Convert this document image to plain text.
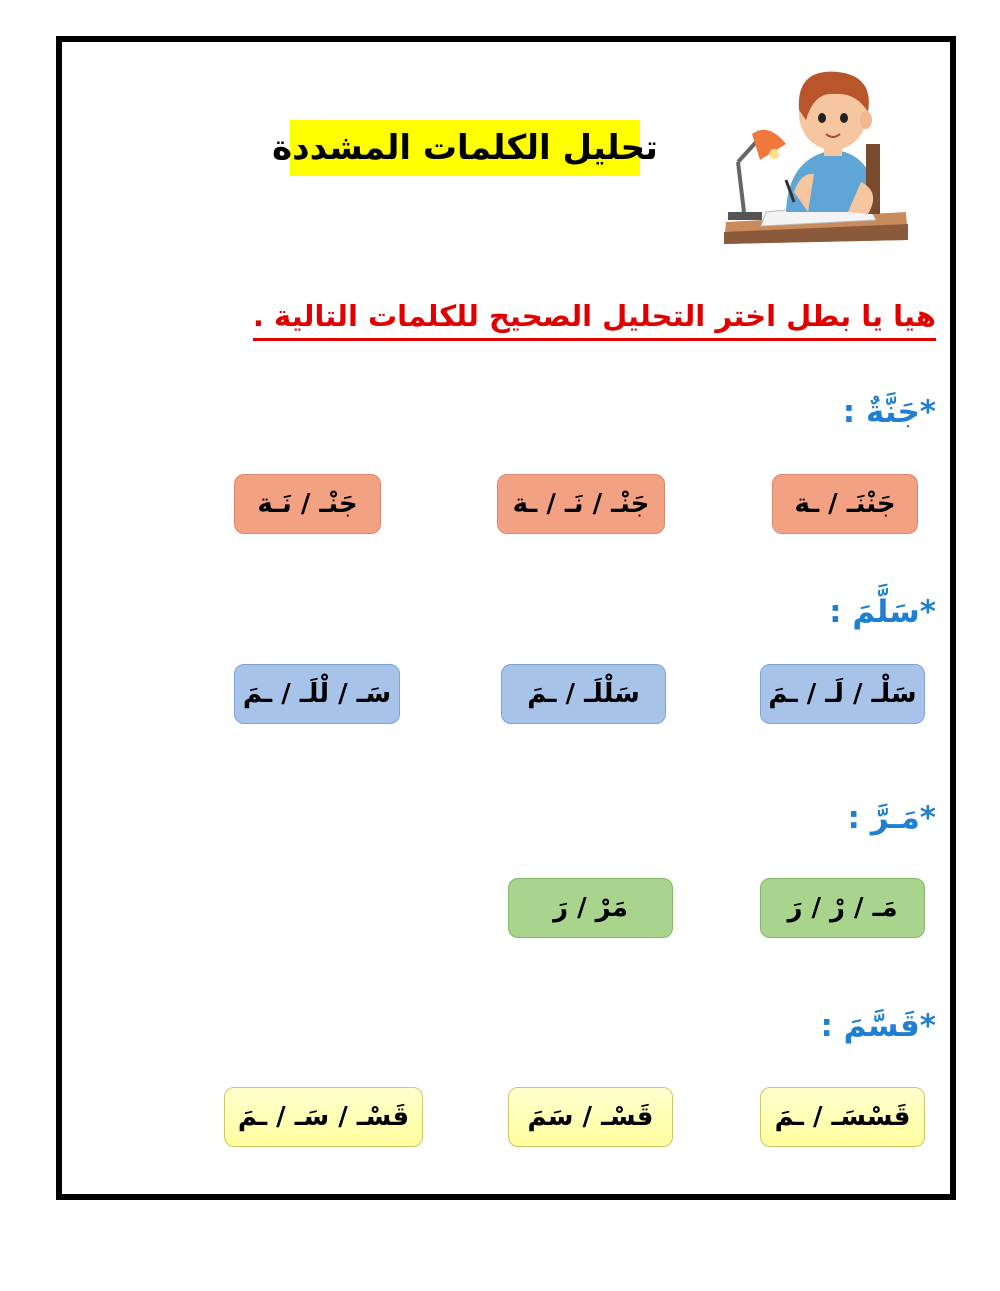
تحليل الكلمات المشددة
هيا يا بطل اختر التحليل الصحيح للكلمات التالية .
*جَنَّةٌ :
جَنْنَـ / ـة
جَنْـ / نَـ / ـة
جَنْـ / نَـة
*سَلَّمَ :
سَلْـ / لَـ / ـمَ
سَلْلَـ / ـمَ
سَـ / لْلَـ / ـمَ
*مَـرَّ :
مَـ / رْ / رَ
مَرْ / رَ
*قَسَّمَ :
قَسْسَـ / ـمَ
قَسْـ / سَمَ
قَسْـ / سَـ / ـمَ
